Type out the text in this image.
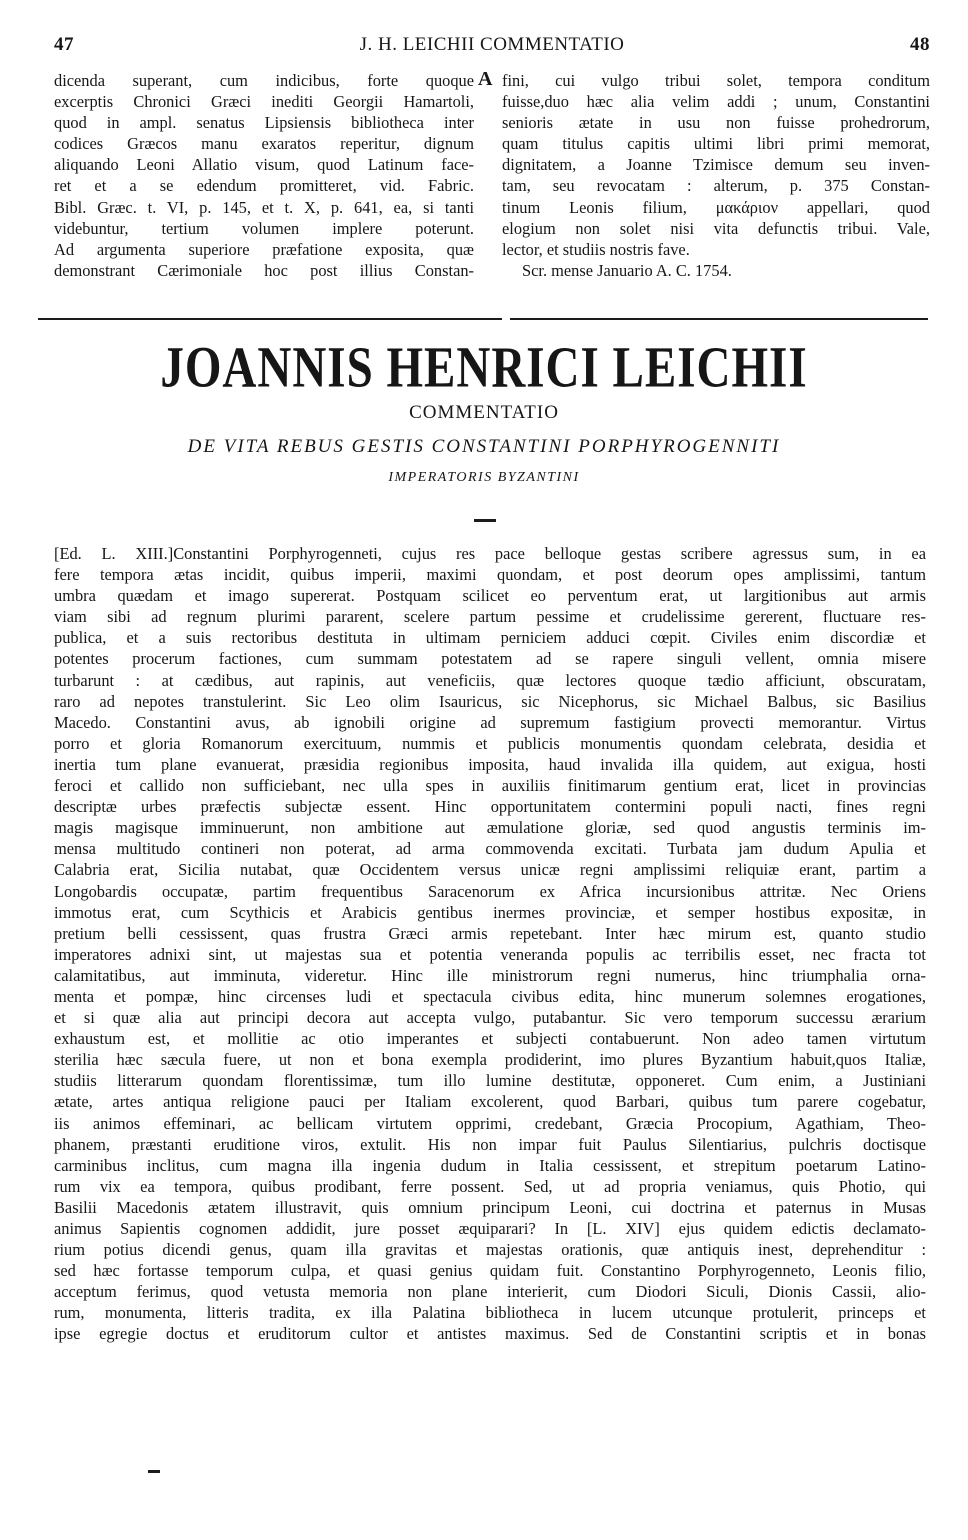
47	J. H. LEICHII COMMENTATIO	48

dicenda superant, cum indicibus, forte quoque

excerptis Chronici Græci inediti Georgii Hamartoli,

quod in ampl. senatus Lipsiensis bibliotheca inter

codices Græcos manu exaratos reperitur, dignum

aliquando Leoni Allatio visum, quod Latinum face-

ret et a se edendum promitteret, vid. Fabric.

Bibl. Græc. t. VI, p. 145, et t. X, p. 641, ea, si tanti

videbuntur, tertium volumen implere poterunt.

Ad argumenta superiore præfatione exposita, quæ

demonstrant Cærimoniale hoc post illius Constan-

A fini, cui vulgo tribui solet, tempora conditum

fuisse,duo hæc alia velim addi ; unum, Constantini

senioris ætate in usu non fuisse prohedrorum,

quam titulus capitis ultimi libri primi memorat,

dignitatem, a Joanne Tzimisce demum seu inven-

tam, seu revocatam : alterum, p. 375 Constan-

tinum Leonis filium, μακάριον appellari, quod

elogium non solet nisi vita defunctis tribui. Vale,

lector, et studiis nostris fave.

Scr. mense Januario A. C. 1754.

JOANNIS HENRICI LEICHII
COMMENTATIO
DE VITA REBUS GESTIS CONSTANTINI PORPHYROGENNITI
IMPERATORIS BYZANTINI

[Ed. L. XIII.]Constantini Porphyrogenneti, cujus res pace belloque gestas scribere agressus sum, in ea

fere tempora ætas incidit, quibus imperii, maximi quondam, et post deorum opes amplissimi, tantum

umbra quædam et imago supererat. Postquam scilicet eo perventum erat, ut largitionibus aut armis

viam sibi ad regnum plurimi pararent, scelere partum pessime et crudelissime gererent, fluctuare res-

publica, et a suis rectoribus destituta in ultimam perniciem adduci cœpit. Civiles enim discordiæ et

potentes procerum factiones, cum summam potestatem ad se rapere singuli vellent, omnia misere

turbarunt : at cædibus, aut rapinis, aut veneficiis, quæ lectores quoque tædio afficiunt, obscuratam,

raro ad nepotes transtulerint. Sic Leo olim Isauricus, sic Nicephorus, sic Michael Balbus, sic Basilius

Macedo. Constantini avus, ab ignobili origine ad supremum fastigium provecti memorantur. Virtus

porro et gloria Romanorum exercituum, nummis et publicis monumentis quondam celebrata, desidia et

inertia tum plane evanuerat, præsidia regionibus imposita, haud invalida illa quidem, aut exigua, hosti

feroci et callido non sufficiebant, nec ulla spes in auxiliis finitimarum gentium erat, licet in provincias

descriptæ urbes præfectis subjectæ essent. Hinc opportunitatem contermini populi nacti, fines regni

magis magisque imminuerunt, non ambitione aut æmulatione gloriæ, sed quod angustis terminis im-

mensa multitudo contineri non poterat, ad arma commovenda excitati. Turbata jam dudum Apulia et

Calabria erat, Sicilia nutabat, quæ Occidentem versus unicæ regni amplissimi reliquiæ erant, partim a

Longobardis occupatæ, partim frequentibus Saracenorum ex Africa incursionibus attritæ. Nec Oriens

immotus erat, cum Scythicis et Arabicis gentibus inermes provinciæ, et semper hostibus expositæ, in

pretium belli cessissent, quas frustra Græci armis repetebant. Inter hæc mirum est, quanto studio

imperatores adnixi sint, ut majestas sua et potentia veneranda populis ac terribilis esset, nec fracta tot

calamitatibus, aut imminuta, videretur. Hinc ille ministrorum regni numerus, hinc triumphalia orna-

menta et pompæ, hinc circenses ludi et spectacula civibus edita, hinc munerum solemnes erogationes,

et si quæ alia aut principi decora aut accepta vulgo, putabantur. Sic vero temporum successu ærarium

exhaustum est, et mollitie ac otio imperantes et subjecti contabuerunt. Non adeo tamen virtutum

sterilia hæc sæcula fuere, ut non et bona exempla prodiderint, imo plures Byzantium habuit,quos Italiæ,

studiis litterarum quondam florentissimæ, tum illo lumine destitutæ, opponeret. Cum enim, a Justiniani

ætate, artes antiqua religione pauci per Italiam excolerent, quod Barbari, quibus tum parere cogebatur,

iis animos effeminari, ac bellicam virtutem opprimi, credebant, Græcia Procopium, Agathiam, Theo-

phanem, præstanti eruditione viros, extulit. His non impar fuit Paulus Silentiarius, pulchris doctisque

carminibus inclitus, cum magna illa ingenia dudum in Italia cessissent, et strepitum poetarum Latino-

rum vix ea tempora, quibus prodibant, ferre possent. Sed, ut ad propria veniamus, quis Photio, qui

Basilii Macedonis ætatem illustravit, quis omnium principum Leoni, cui doctrina et paternus in Musas

animus Sapientis cognomen addidit, jure posset æquiparari? In [L. XIV] ejus quidem edictis declamato-

rium potius dicendi genus, quam illa gravitas et majestas orationis, quæ antiquis inest, deprehenditur :

sed hæc fortasse temporum culpa, et quasi genius quidam fuit. Constantino Porphyrogenneto, Leonis filio,

acceptum ferimus, quod vetusta memoria non plane interierit, cum Diodori Siculi, Dionis Cassii, alio-

rum, monumenta, litteris tradita, ex illa Palatina bibliotheca in lucem utcunque protulerit, princeps et

ipse egregie doctus et eruditorum cultor et antistes maximus. Sed de Constantini scriptis et in bonas
